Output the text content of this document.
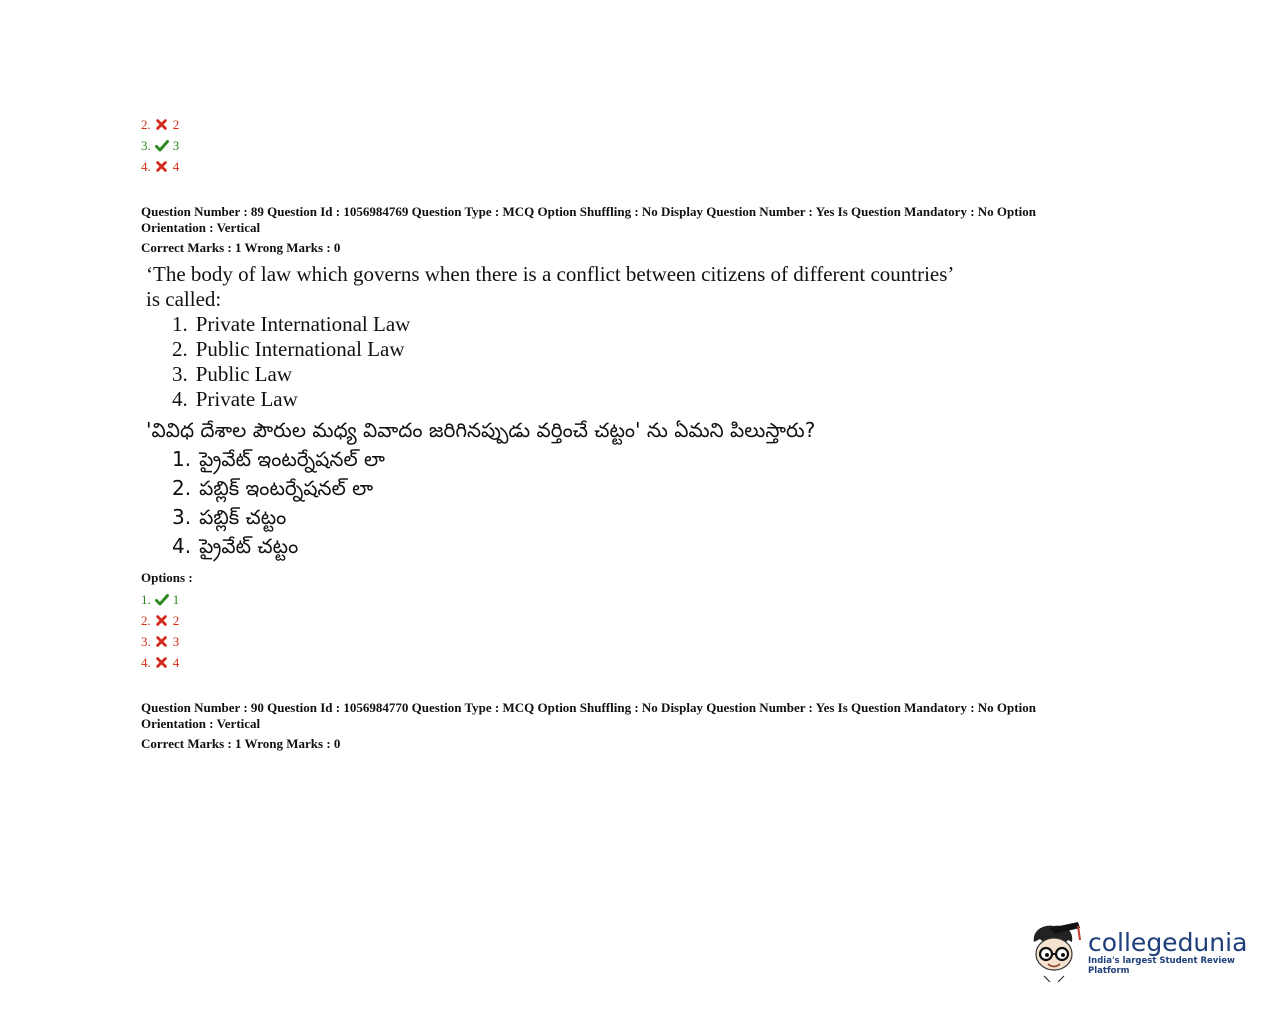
2. 2
3. 3
4. 4
Question Number : 89 Question Id : 1056984769 Question Type : MCQ Option Shuffling : No Display Question Number : Yes Is Question Mandatory : No Option
Orientation : Vertical
Correct Marks : 1 Wrong Marks : 0
‘The body of law which governs when there is a conflict between citizens of different countries’
is called:
1. Private International Law
2. Public International Law
3. Public Law
4. Private Law
'వివిధ దేశాల పౌరుల మధ్య వివాదం జరిగినప్పుడు వర్తించే చట్టం' ను ఏమని పిలుస్తారు?
1. ప్రైవేట్ ఇంటర్నేషనల్ లా
2. పబ్లిక్ ఇంటర్నేషనల్ లా
3. పబ్లిక్ చట్టం
4. ప్రైవేట్ చట్టం
Options :
1. 1
2. 2
3. 3
4. 4
Question Number : 90 Question Id : 1056984770 Question Type : MCQ Option Shuffling : No Display Question Number : Yes Is Question Mandatory : No Option
Orientation : Vertical
Correct Marks : 1 Wrong Marks : 0
collegedunia
India's largest Student Review Platform
